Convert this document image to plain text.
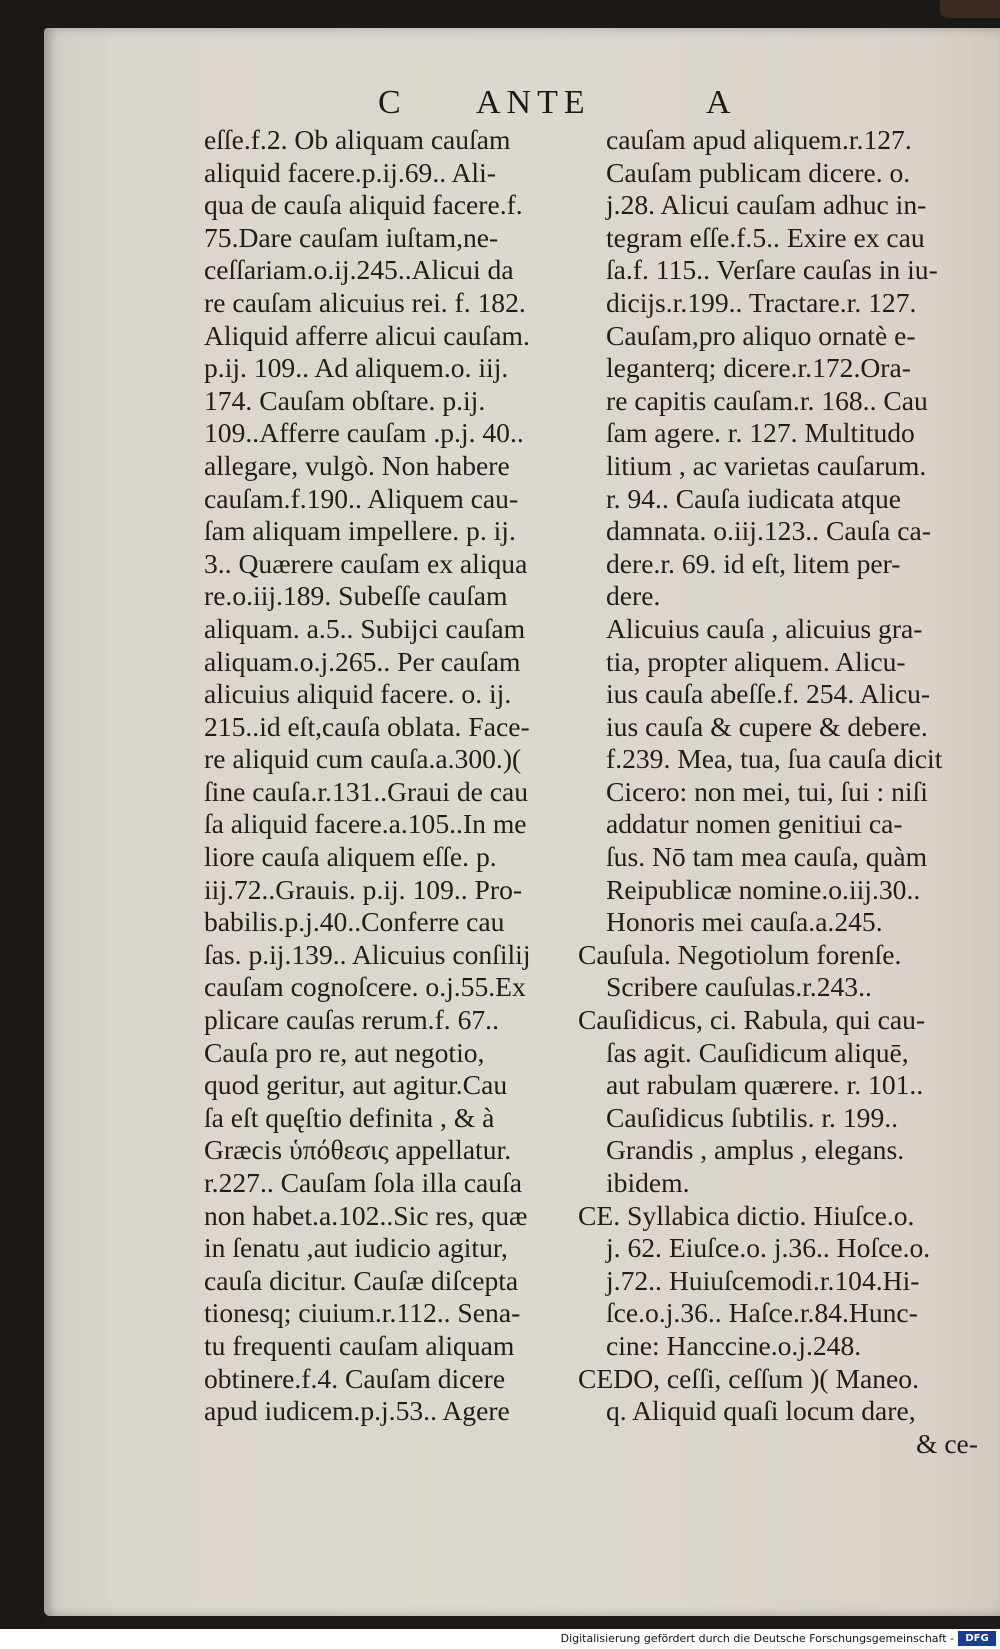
C ANTE	A
eſſe.f.2. Ob aliquam cauſam
aliquid facere.p.ij.69.. Ali-
qua de cauſa aliquid facere.f.
75.Dare cauſam iuſtam,ne-
ceſſariam.o.ij.245..Alicui da
re cauſam alicuius rei. f. 182.
Aliquid afferre alicui cauſam.
p.ij. 109.. Ad aliquem.o. iij.
174. Cauſam obſtare. p.ij.
109..Afferre cauſam .p.j. 40..
allegare, vulgò. Non habere
cauſam.f.190.. Aliquem cau-
ſam aliquam impellere. p. ij.
3.. Quærere cauſam ex aliqua
re.o.iij.189. Subeſſe cauſam
aliquam. a.5.. Subijci cauſam
aliquam.o.j.265.. Per cauſam
alicuius aliquid facere. o. ij.
215..id eſt,cauſa oblata. Face-
re aliquid cum cauſa.a.300.)(
ſine cauſa.r.131..Graui de cau
ſa aliquid facere.a.105..In me
liore cauſa aliquem eſſe. p.
iij.72..Grauis. p.ij. 109.. Pro-
babilis.p.j.40..Conferre cau
ſas. p.ij.139.. Alicuius conſilij
cauſam cognoſcere. o.j.55.Ex
plicare cauſas rerum.f. 67..
Cauſa pro re, aut negotio,
quod geritur, aut agitur.Cau
ſa eſt quęſtio definita , & à
Græcis ὑπόθεσις appellatur.
r.227.. Cauſam ſola illa cauſa
non habet.a.102..Sic res, quæ
in ſenatu ,aut iudicio agitur,
cauſa dicitur. Cauſæ diſcepta
tionesq; ciuium.r.112.. Sena-
tu frequenti cauſam aliquam
obtinere.f.4. Cauſam dicere
apud iudicem.p.j.53.. Agere
cauſam apud aliquem.r.127.
Cauſam publicam dicere. o.
j.28. Alicui cauſam adhuc in-
tegram eſſe.f.5.. Exire ex cau
ſa.f. 115.. Verſare cauſas in iu-
dicijs.r.199.. Tractare.r. 127.
Cauſam,pro aliquo ornatè e-
leganterq; dicere.r.172.Ora-
re capitis cauſam.r. 168.. Cau
ſam agere. r. 127. Multitudo
litium , ac varietas cauſarum.
r. 94.. Cauſa iudicata atque
damnata. o.iij.123.. Cauſa ca-
dere.r. 69. id eſt, litem per-
dere.
Alicuius cauſa , alicuius gra-
tia, propter aliquem. Alicu-
ius cauſa abeſſe.f. 254. Alicu-
ius cauſa & cupere & debere.
f.239. Mea, tua, ſua cauſa dicit
Cicero: non mei, tui, ſui : niſi
addatur nomen genitiui ca-
ſus. Nō tam mea cauſa, quàm
Reipublicæ nomine.o.iij.30..
Honoris mei cauſa.a.245.
Cauſula. Negotiolum forenſe.
Scribere cauſulas.r.243..
Cauſidicus, ci. Rabula, qui cau-
ſas agit. Cauſidicum aliquē,
aut rabulam quærere. r. 101..
Cauſidicus ſubtilis. r. 199..
Grandis , amplus , elegans.
ibidem.
CE. Syllabica dictio. Hiuſce.o.
j. 62. Eiuſce.o. j.36.. Hoſce.o.
j.72.. Huiuſcemodi.r.104.Hi-
ſce.o.j.36.. Haſce.r.84.Hunc-
cine: Hanccine.o.j.248.
CEDO, ceſſi, ceſſum )( Maneo.
q. Aliquid quaſi locum dare,
& ce-
Digitalisierung gefördert durch die Deutsche Forschungsgemeinschaft -	DFG
